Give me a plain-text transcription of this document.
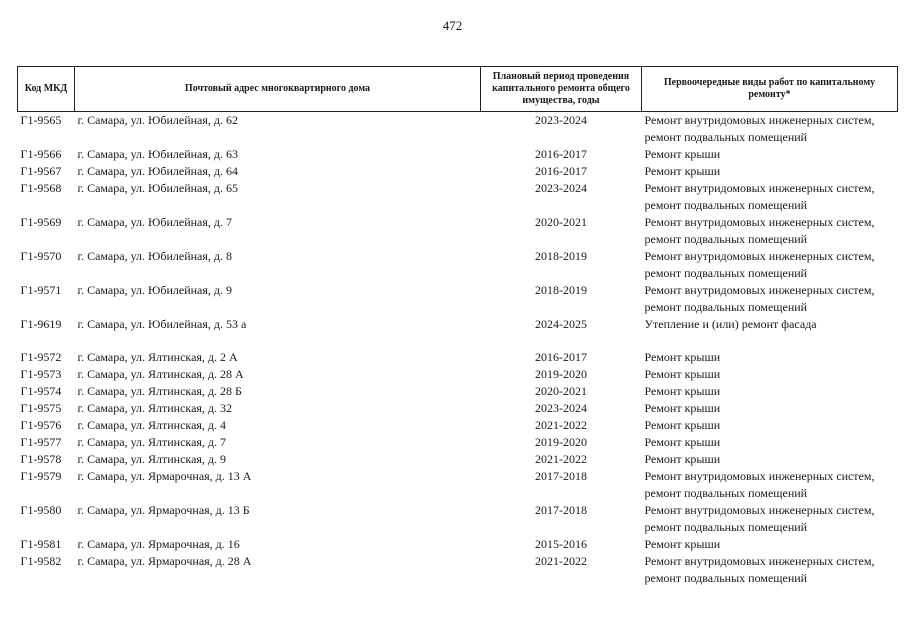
472
Код МКД	Почтовый адрес многоквартирного дома	Плановый период проведения капитального ремонта общего имущества, годы	Первоочередные виды работ по капитальному ремонту*
Г1-9565	г. Самара, ул. Юбилейная, д. 62	2023-2024	Ремонт внутридомовых инженерных систем, ремонт подвальных помещений
Г1-9566	г. Самара, ул. Юбилейная, д. 63	2016-2017	Ремонт крыши
Г1-9567	г. Самара, ул. Юбилейная, д. 64	2016-2017	Ремонт крыши
Г1-9568	г. Самара, ул. Юбилейная, д. 65	2023-2024	Ремонт внутридомовых инженерных систем, ремонт подвальных помещений
Г1-9569	г. Самара, ул. Юбилейная, д. 7	2020-2021	Ремонт внутридомовых инженерных систем, ремонт подвальных помещений
Г1-9570	г. Самара, ул. Юбилейная, д. 8	2018-2019	Ремонт внутридомовых инженерных систем, ремонт подвальных помещений
Г1-9571	г. Самара, ул. Юбилейная, д. 9	2018-2019	Ремонт внутридомовых инженерных систем, ремонт подвальных помещений
Г1-9619	г. Самара, ул. Юбилейная, д. 53 а	2024-2025	Утепление и (или) ремонт фасада
Г1-9572	г. Самара, ул. Ялтинская, д. 2 А	2016-2017	Ремонт крыши
Г1-9573	г. Самара, ул. Ялтинская, д. 28 А	2019-2020	Ремонт крыши
Г1-9574	г. Самара, ул. Ялтинская, д. 28 Б	2020-2021	Ремонт крыши
Г1-9575	г. Самара, ул. Ялтинская, д. 32	2023-2024	Ремонт крыши
Г1-9576	г. Самара, ул. Ялтинская, д. 4	2021-2022	Ремонт крыши
Г1-9577	г. Самара, ул. Ялтинская, д. 7	2019-2020	Ремонт крыши
Г1-9578	г. Самара, ул. Ялтинская, д. 9	2021-2022	Ремонт крыши
Г1-9579	г. Самара, ул. Ярмарочная, д. 13 А	2017-2018	Ремонт внутридомовых инженерных систем, ремонт подвальных помещений
Г1-9580	г. Самара, ул. Ярмарочная, д. 13 Б	2017-2018	Ремонт внутридомовых инженерных систем, ремонт подвальных помещений
Г1-9581	г. Самара, ул. Ярмарочная, д. 16	2015-2016	Ремонт крыши
Г1-9582	г. Самара, ул. Ярмарочная, д. 28 А	2021-2022	Ремонт внутридомовых инженерных систем, ремонт подвальных помещений
